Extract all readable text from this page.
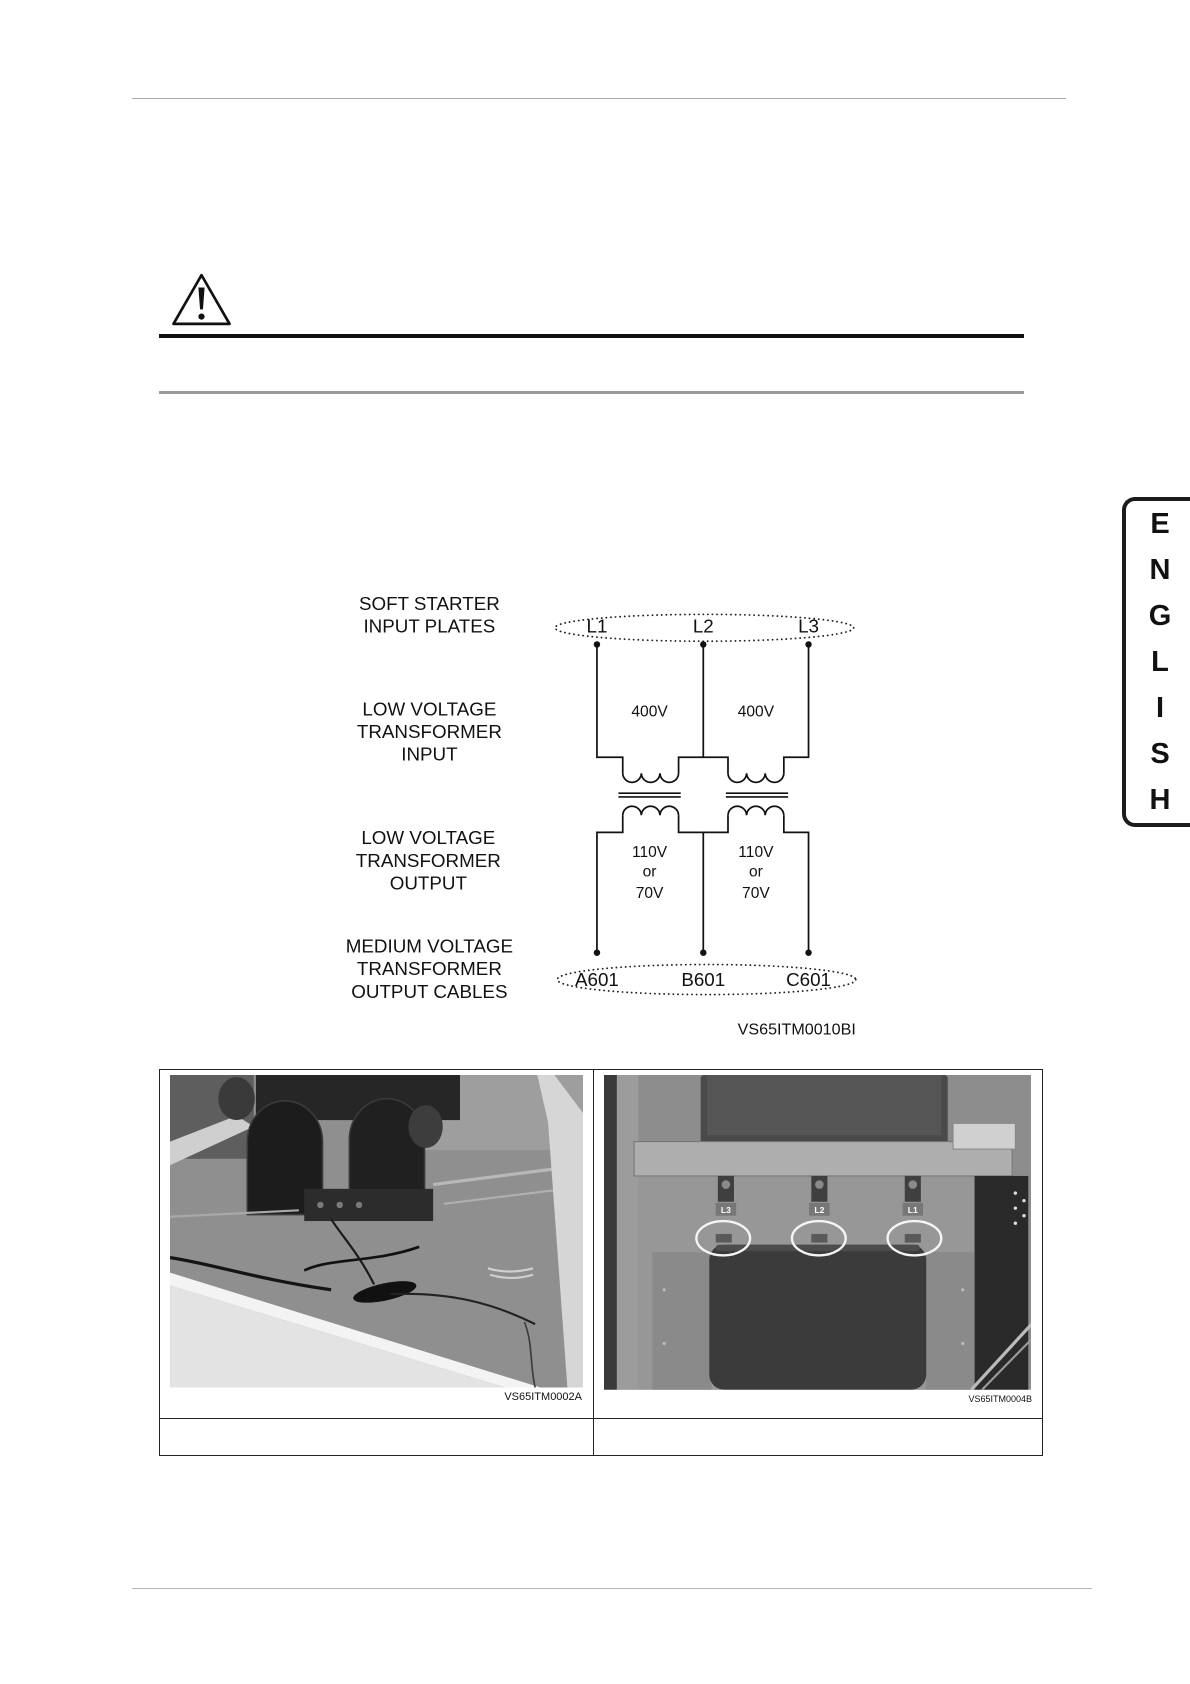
E
N
G
L
I
S
H
SOFT STARTER
INPUT PLATES
LOW VOLTAGE
TRANSFORMER
INPUT
LOW VOLTAGE
TRANSFORMER
OUTPUT
MEDIUM VOLTAGE
TRANSFORMER
OUTPUT CABLES
L1	L2	L3
400V	400V
110V
or
70V
110V
or
70V
A601	B601	C601
VS65ITM0010BI
VS65ITM0002A
L3	L2	L1
VS65ITM0004B
